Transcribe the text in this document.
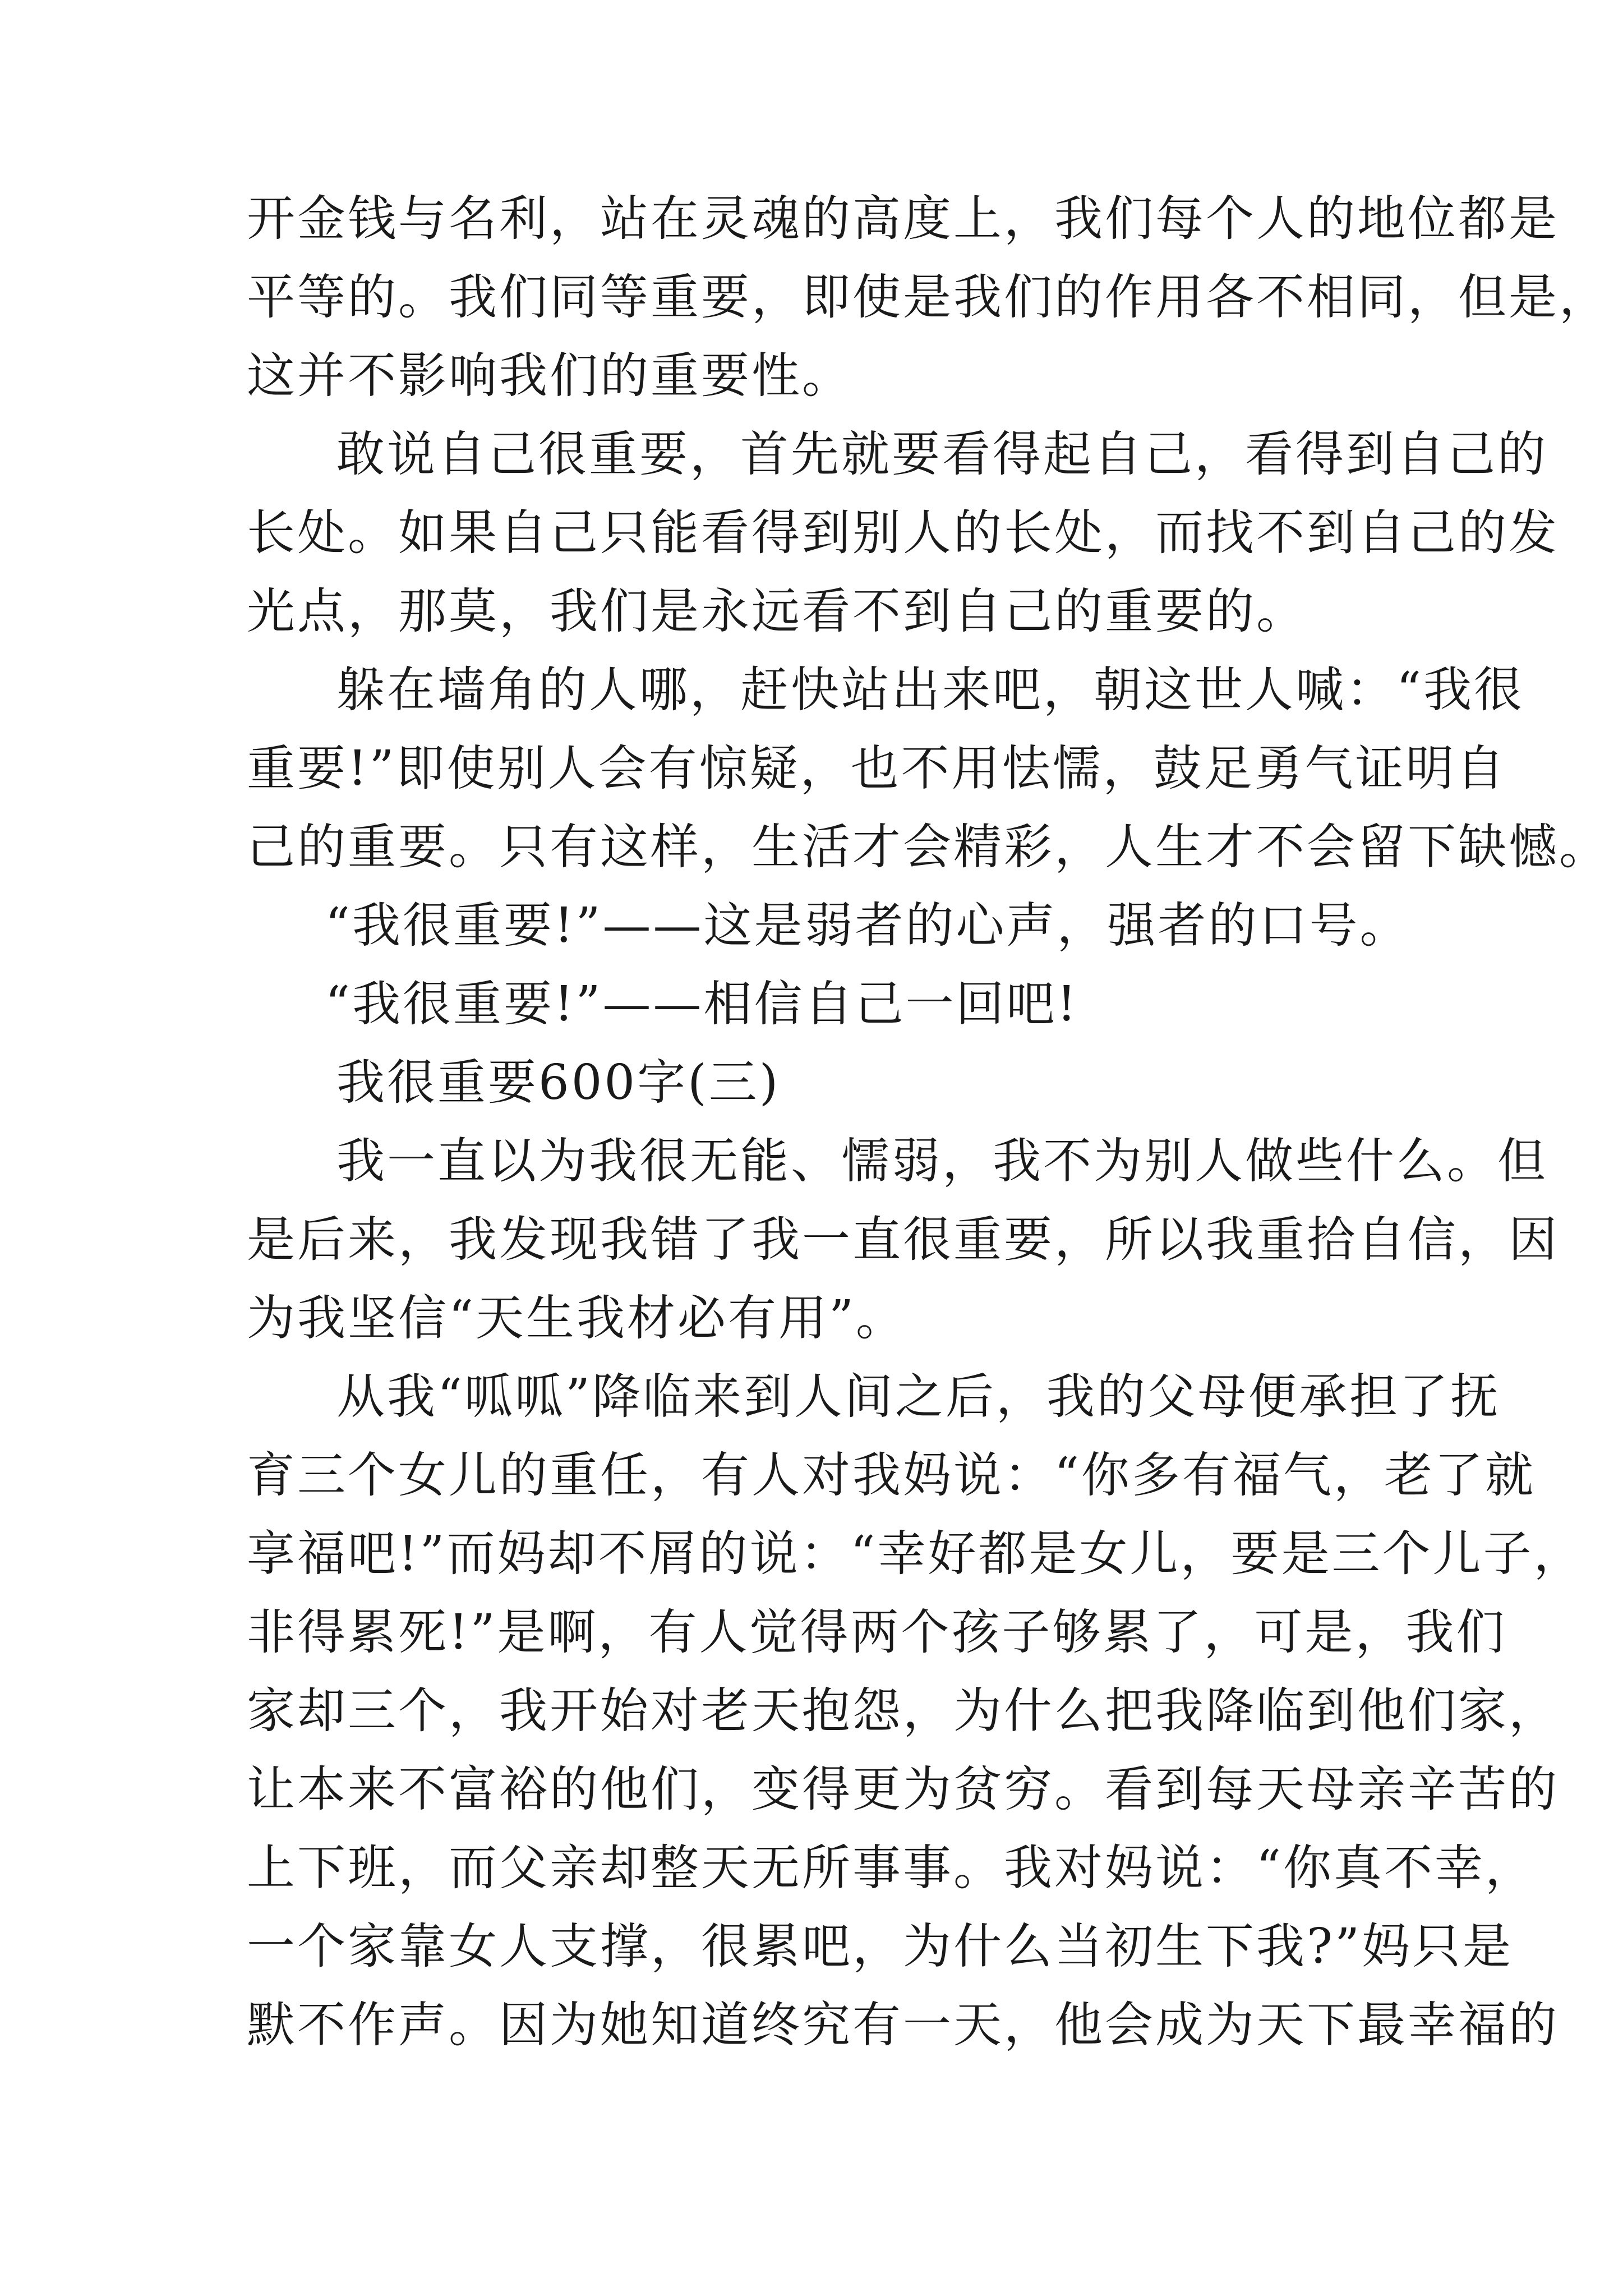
开金钱与名利，站在灵魂的高度上，我们每个人的地位都是
平等的。我们同等重要，即使是我们的作用各不相同，但是，
这并不影响我们的重要性。
敢说自己很重要，首先就要看得起自己，看得到自己的
长处。如果自己只能看得到别人的长处，而找不到自己的发
光点，那莫，我们是永远看不到自己的重要的。
躲在墙角的人哪，赶快站出来吧，朝这世人喊：“我很
重要!”即使别人会有惊疑，也不用怯懦，鼓足勇气证明自
己的重要。只有这样，生活才会精彩，人生才不会留下缺憾。
“我很重要!”——这是弱者的心声，强者的口号。
“我很重要!”——相信自己一回吧!
我很重要600字(三)
我一直以为我很无能、懦弱，我不为别人做些什么。但
是后来，我发现我错了我一直很重要，所以我重拾自信，因
为我坚信“天生我材必有用”。
从我“呱呱”降临来到人间之后，我的父母便承担了抚
育三个女儿的重任，有人对我妈说：“你多有福气，老了就
享福吧!”而妈却不屑的说：“幸好都是女儿，要是三个儿子，
非得累死!”是啊，有人觉得两个孩子够累了，可是，我们
家却三个，我开始对老天抱怨，为什么把我降临到他们家，
让本来不富裕的他们，变得更为贫穷。看到每天母亲辛苦的
上下班，而父亲却整天无所事事。我对妈说：“你真不幸，
一个家靠女人支撑，很累吧，为什么当初生下我?”妈只是
默不作声。因为她知道终究有一天，他会成为天下最幸福的
